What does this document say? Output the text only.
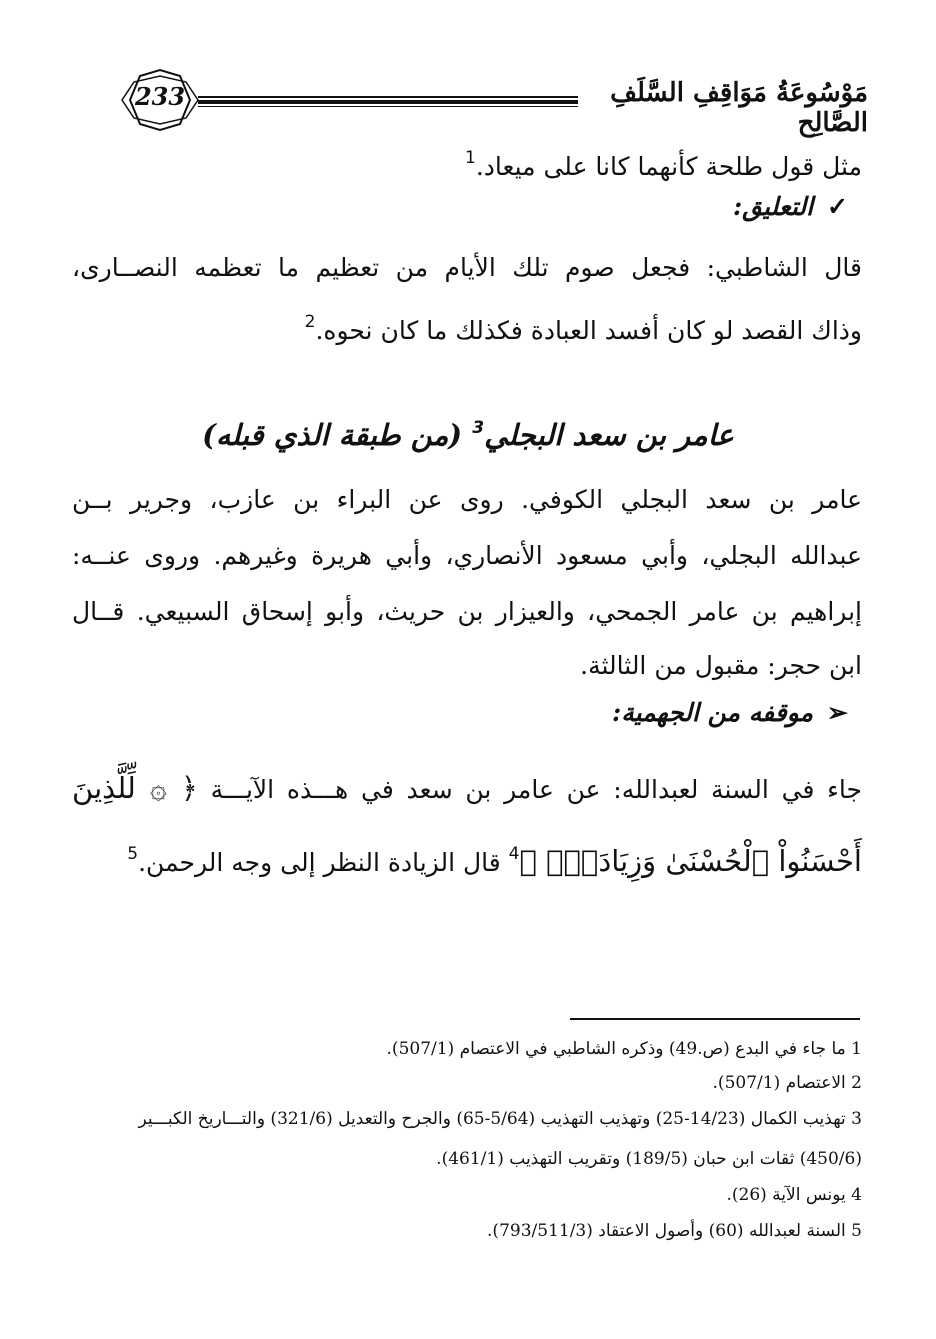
233	مَوْسُوعَةُ مَوَاقِفِ السَّلَفِ الصَّالِح
مثل قول طلحة كأنهما كانا على ميعاد.$^1$
✓التعليق:
قال الشاطبي: فجعل صوم تلك الأيام من تعظيم ما تعظمه النصــارى،
وذاك القصد لو كان أفسد العبادة فكذلك ما كان نحوه.$^2$
عامر بن سعد البجلي$^3$ (من طبقة الذي قبله)
عامر بن سعد البجلي الكوفي. روى عن البراء بن عازب، وجرير بــن
عبدالله البجلي، وأبي مسعود الأنصاري، وأبي هريرة وغيرهم. وروى عنــه:
إبراهيم بن عامر الجمحي، والعيزار بن حريث، وأبو إسحاق السبيعي. قــال
ابن حجر: مقبول من الثالثة.
➢موقفه من الجهمية:
جاء في السنة لعبدالله: عن عامر بن سعد في هـــذه الآيـــة ﴿ ۞ لِّلَّذِينَ
أَحْسَنُواْ ٱلْحُسْنَىٰ وَزِيَادَةٌۖ ﴾$^4$ قال الزيادة النظر إلى وجه الرحمن.$^5$
1 ما جاء في البدع (ص.49) وذكره الشاطبي في الاعتصام (507/1).
2 الاعتصام (507/1).
3 تهذيب الكمال (14/23-25) وتهذيب التهذيب (5/64-65) والجرح والتعديل (321/6) والتـــاريخ الكبـــير
(450/6) ثقات ابن حبان (189/5) وتقريب التهذيب (461/1).
4 يونس الآية (26).
5 السنة لعبدالله (60) وأصول الاعتقاد (793/511/3).
